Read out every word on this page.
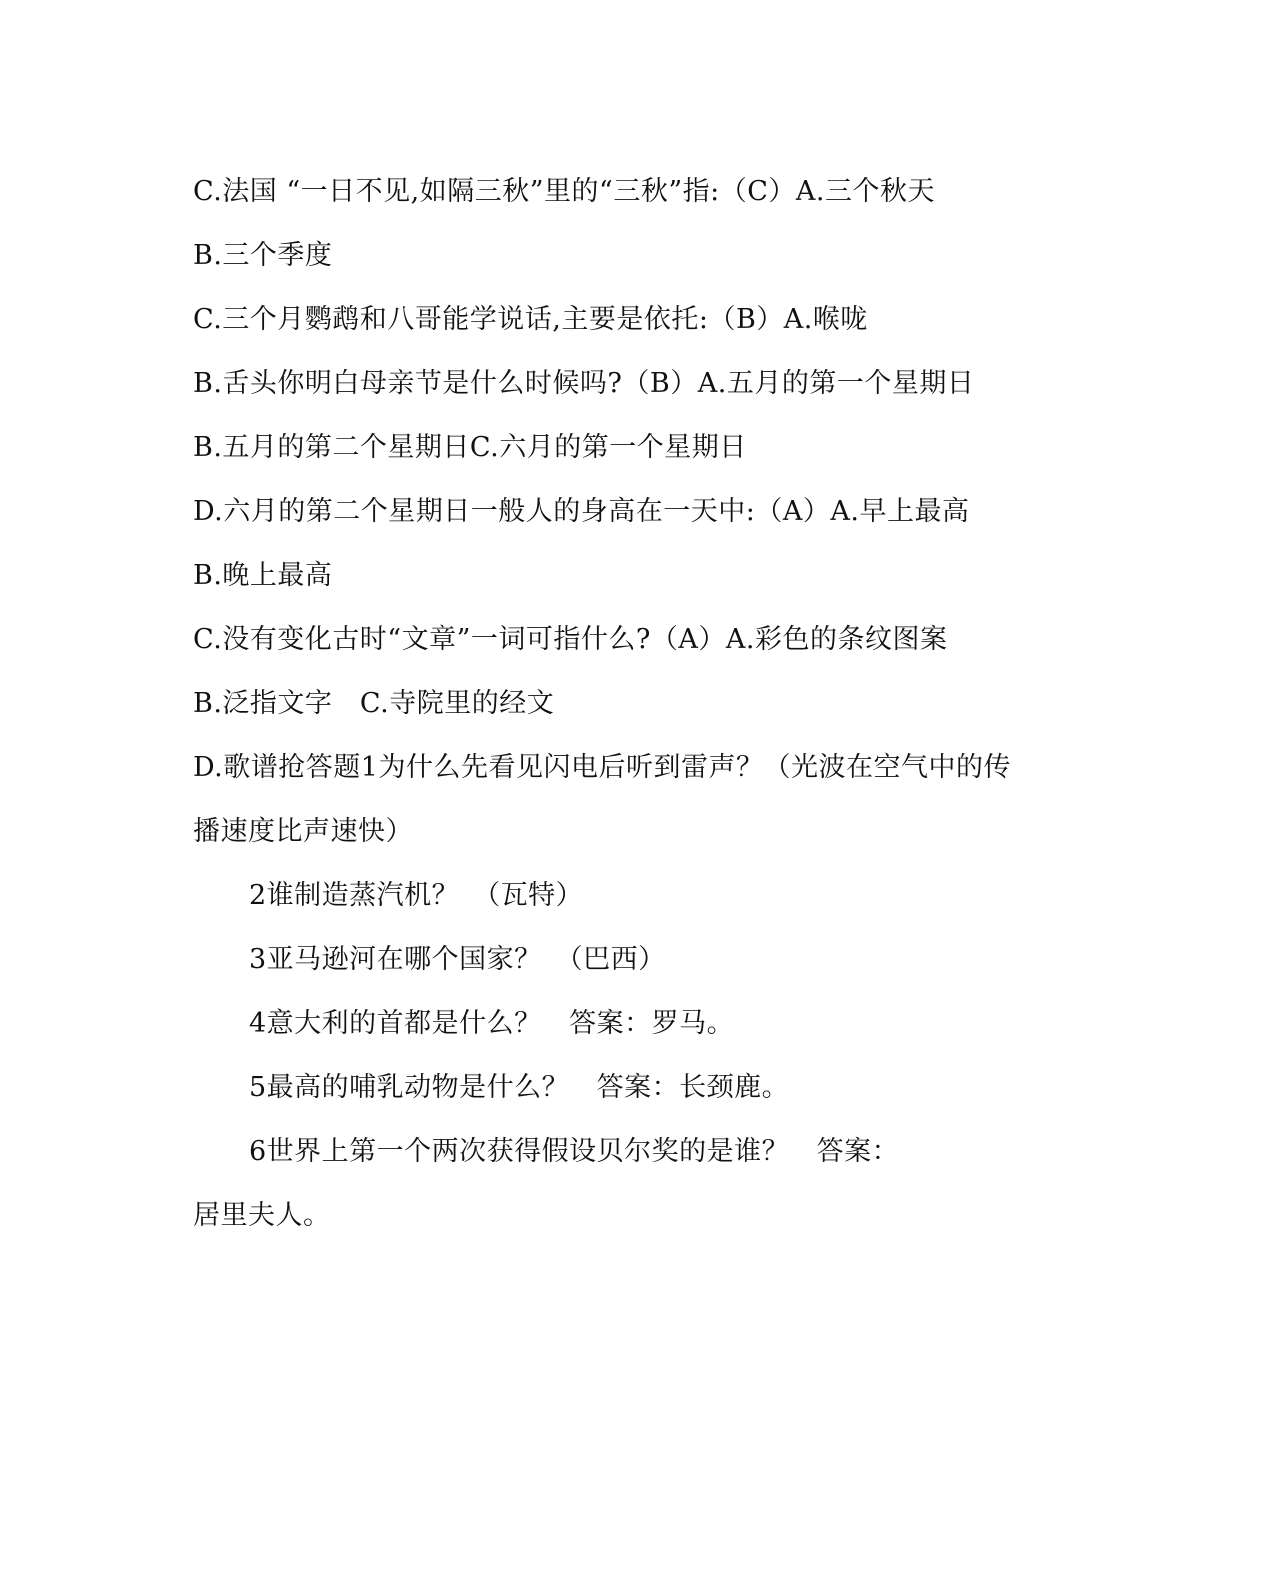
C.法国 “一日不见,如隔三秋”里的“三秋”指:（C）A.三个秋天
B.三个季度
C.三个月鹦鹉和八哥能学说话,主要是依托:（B）A.喉咙
B.舌头你明白母亲节是什么时候吗?（B）A.五月的第一个星期日
B.五月的第二个星期日C.六月的第一个星期日
D.六月的第二个星期日一般人的身高在一天中:（A）A.早上最高
B.晚上最高
C.没有变化古时“文章”一词可指什么?（A）A.彩色的条纹图案
B.泛指文字　C.寺院里的经文
D.歌谱抢答题1为什么先看见闪电后听到雷声？（光波在空气中的传
播速度比声速快）
2谁制造蒸汽机？　（瓦特）
3亚马逊河在哪个国家？　（巴西）
4意大利的首都是什么？　答案：罗马。
5最高的哺乳动物是什么？　答案：长颈鹿。
6世界上第一个两次获得假设贝尔奖的是谁？　答案：
居里夫人。
